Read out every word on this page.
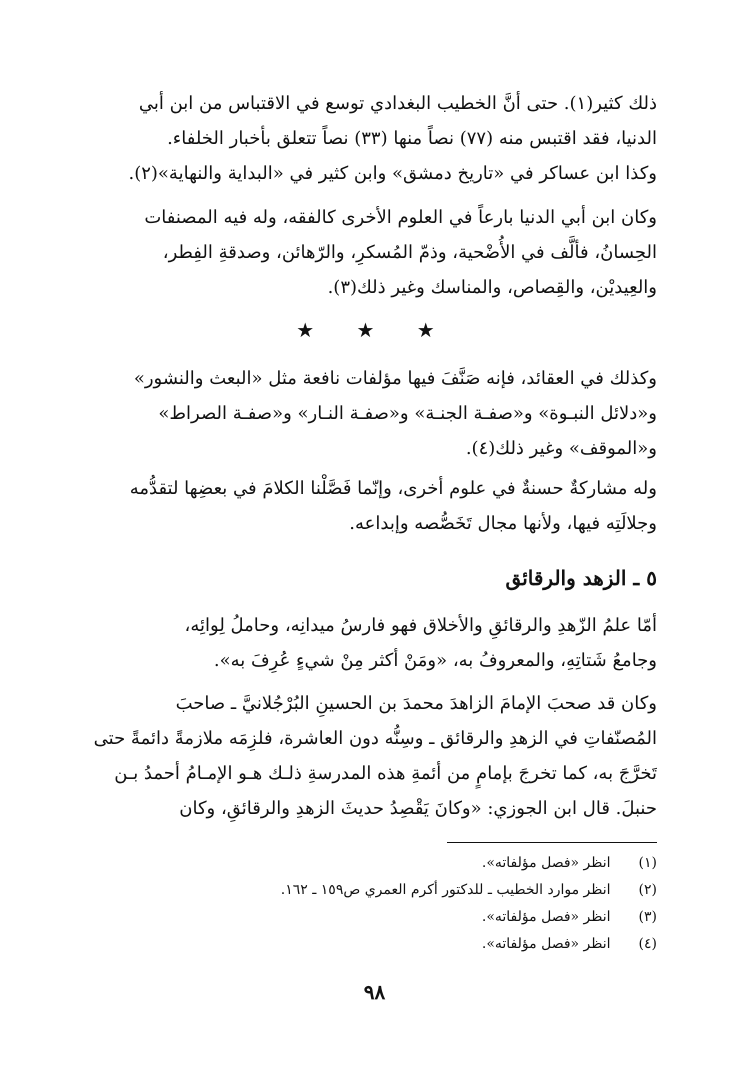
ذلك كثير(١). حتى أنَّ الخطيب البغدادي توسع في الاقتباس من ابن أبي
الدنيا، فقد اقتبس منه (٧٧) نصاً منها (٣٣) نصاً تتعلق بأخبار الخلفاء.
وكذا ابن عساكر في «تاريخ دمشق» وابن كثير في «البداية والنهاية»(٢).
وكان ابن أبي الدنيا بارعاً في العلوم الأخرى كالفقه، وله فيه المصنفات
الحِسانُ، فألَّف في الأُضْحية، وذمّ المُسكرِ، والرّهائن، وصدقةِ الفِطر،
والعِيديْن، والقِصاص، والمناسك وغير ذلك(٣).
★ ★ ★
وكذلك في العقائد، فإنه صَنَّفَ فيها مؤلفات نافعة مثل «البعث والنشور»
و«دلائل النبـوة» و«صفـة الجنـة» و«صفـة النـار» و«صفـة الصراط»
و«الموقف» وغير ذلك(٤).
وله مشاركةٌ حسنةٌ في علوم أخرى، وإنّما فَصَّلْنا الكلامَ في بعضِها لتقدُّمه
وجلالَتِه فيها، ولأنها مجال تَخَصُّصه وإبداعه.
٥ ـ الزهد والرقائق
أمّا علمُ الزّهدِ والرقائقِ والأخلاق فهو فارسُ ميدانِه، وحاملُ لِوائِه،
وجامعُ شَتاتِهِ، والمعروفُ به، «ومَنْ أكثر مِنْ شيءٍ عُرِفَ به».
وكان قد صحبَ الإمامَ الزاهدَ محمدَ بن الحسينِ البُرْجُلانيَّ ـ صاحبَ
المُصنّفاتِ في الزهدِ والرقائق ـ وسِنُّه دون العاشرة، فلزِمَه ملازمةً دائمةً حتى
تَخرَّجَ به، كما تخرجَ بإمامٍ من أئمةِ هذه المدرسةِ ذلـك هـو الإمـامُ أحمدُ بـن
حنبلَ. قال ابن الجوزي: «وكانَ يَقْصِدُ حديثَ الزهدِ والرقائقِ، وكان
(١) انظر «فصل مؤلفاته».
(٢) انظر موارد الخطيب ـ للدكتور أكرم العمري ص١٥٩ ـ ١٦٢.
(٣) انظر «فصل مؤلفاته».
(٤) انظر «فصل مؤلفاته».
٩٨
